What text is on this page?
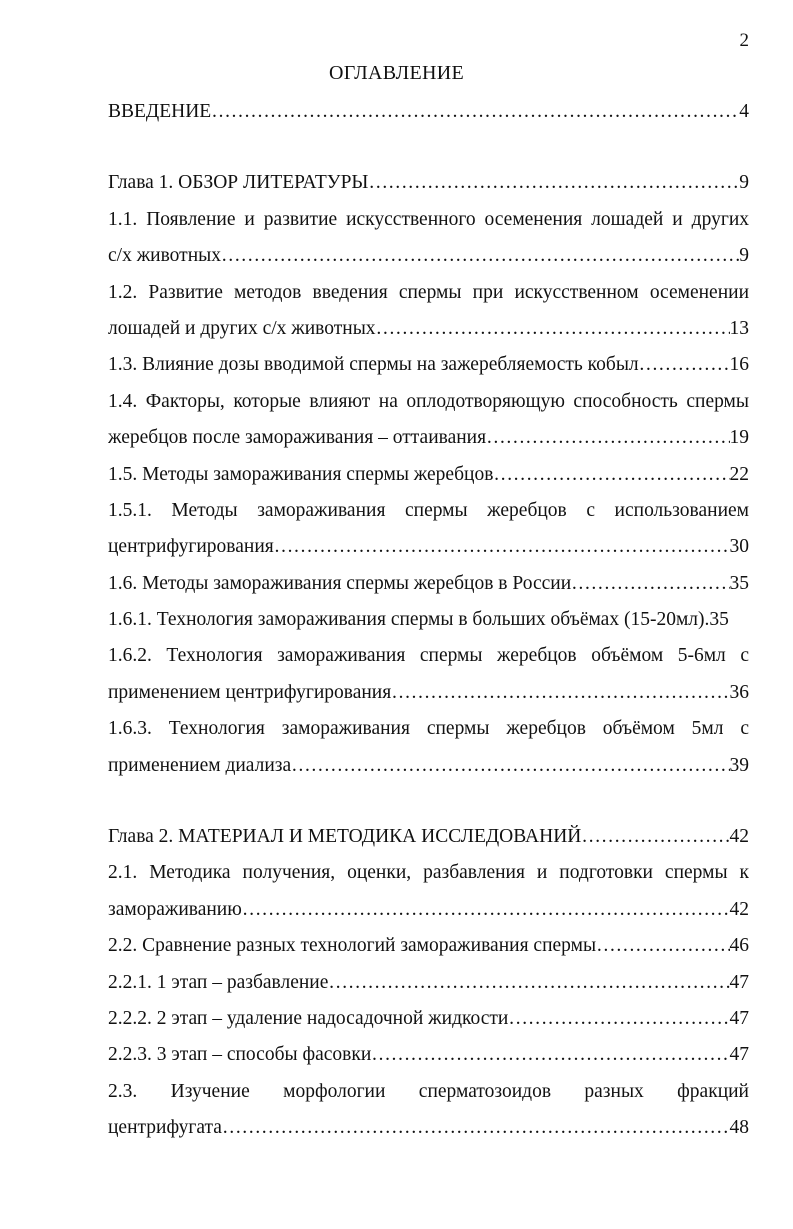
2
ОГЛАВЛЕНИЕ
ВВЕДЕНИЕ …………………………………………………………………………………………………………………………	4
Глава 1. ОБЗОР ЛИТЕРАТУРЫ …………………………………………………………………………………………………………………………	9
1.1. Появление и развитие искусственного осеменения лошадей и других
с/х животных …………………………………………………………………………………………………………………………	9
1.2. Развитие методов введения спермы при искусственном осеменении
лошадей и других с/х животных …………………………………………………………………………………………………………………………	13
1.3. Влияние дозы вводимой спермы на зажеребляемость кобыл …………………………………………………………………………………………………………………………	16
1.4. Факторы, которые влияют на оплодотворяющую способность спермы
жеребцов после замораживания – оттаивания …………………………………………………………………………………………………………………………	19
1.5. Методы замораживания спермы жеребцов …………………………………………………………………………………………………………………………	22
1.5.1. Методы замораживания спермы жеребцов с использованием
центрифугирования …………………………………………………………………………………………………………………………	30
1.6. Методы замораживания спермы жеребцов в России …………………………………………………………………………………………………………………………	35
1.6.1. Технология замораживания спермы в больших объёмах (15-20мл). 35
1.6.2. Технология замораживания спермы жеребцов объёмом 5-6мл с
применением центрифугирования …………………………………………………………………………………………………………………………	36
1.6.3. Технология замораживания спермы жеребцов объёмом 5мл с
применением диализа …………………………………………………………………………………………………………………………	39
Глава 2. МАТЕРИАЛ И МЕТОДИКА ИССЛЕДОВАНИЙ …………………………………………………………………………………………………………………………	42
2.1. Методика получения, оценки, разбавления и подготовки спермы к
замораживанию …………………………………………………………………………………………………………………………	42
2.2. Сравнение разных технологий замораживания спермы …………………………………………………………………………………………………………………………	46
2.2.1. 1 этап – разбавление …………………………………………………………………………………………………………………………	47
2.2.2. 2 этап – удаление надосадочной жидкости …………………………………………………………………………………………………………………………	47
2.2.3. 3 этап – способы фасовки …………………………………………………………………………………………………………………………	47
2.3. Изучение морфологии сперматозоидов разных фракций
центрифугата …………………………………………………………………………………………………………………………	48
